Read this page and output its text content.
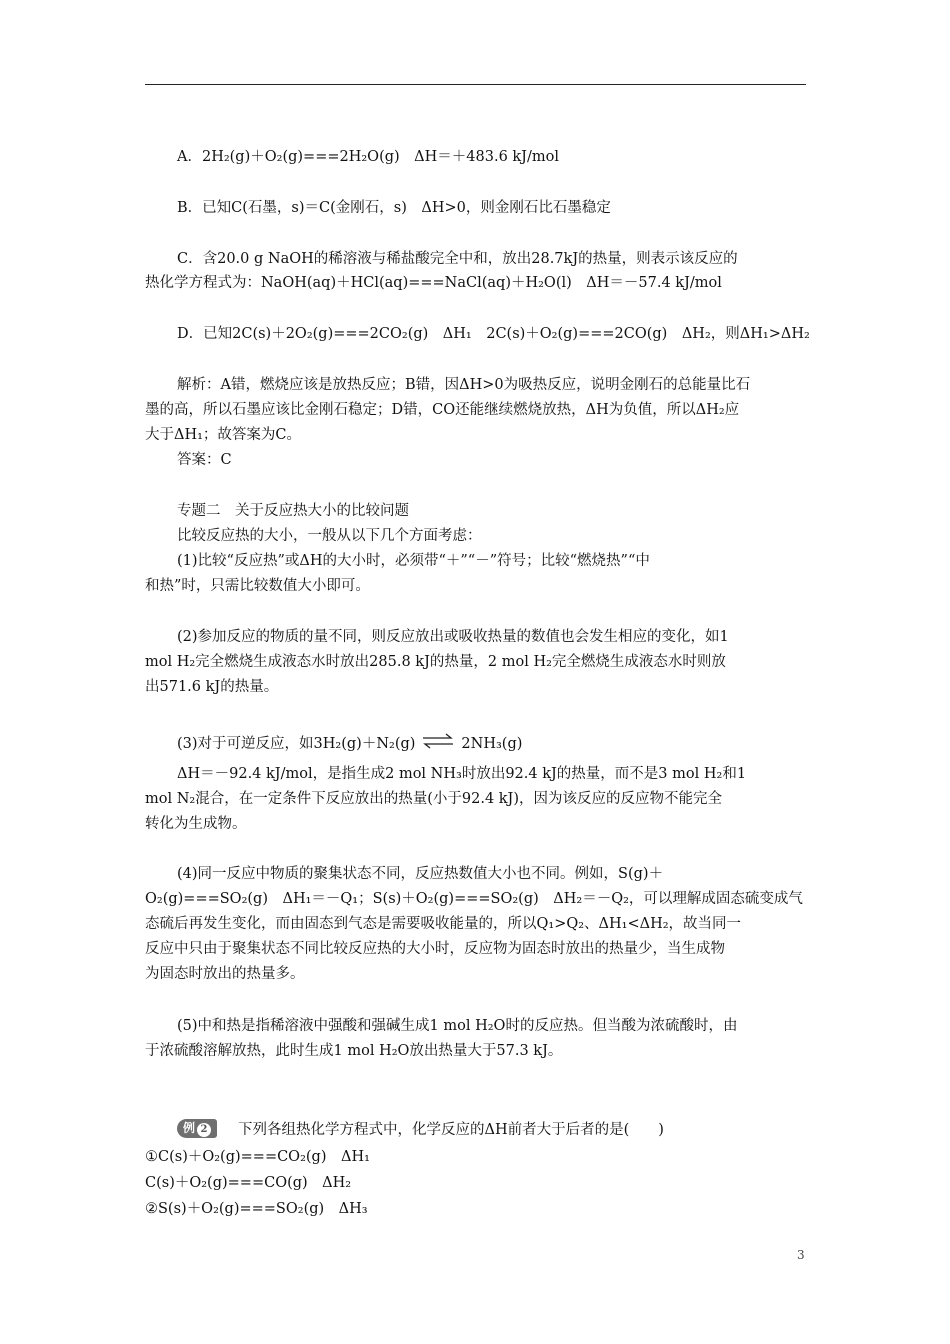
A．2H₂(g)＋O₂(g)===2H₂O(g)　ΔH＝＋483.6 kJ/mol
B．已知C(石墨，s)＝C(金刚石，s)　ΔH>0，则金刚石比石墨稳定
C．含20.0 g NaOH的稀溶液与稀盐酸完全中和，放出28.7kJ的热量，则表示该反应的
热化学方程式为：NaOH(aq)＋HCl(aq)===NaCl(aq)＋H₂O(l)　ΔH＝－57.4 kJ/mol
D．已知2C(s)＋2O₂(g)===2CO₂(g)　ΔH₁　2C(s)＋O₂(g)===2CO(g)　ΔH₂，则ΔH₁>ΔH₂
解析：A错，燃烧应该是放热反应；B错，因ΔH>0为吸热反应，说明金刚石的总能量比石
墨的高，所以石墨应该比金刚石稳定；D错，CO还能继续燃烧放热，ΔH为负值，所以ΔH₂应
大于ΔH₁；故答案为C。
答案：C
专题二　关于反应热大小的比较问题
比较反应热的大小，一般从以下几个方面考虑：
(1)比较“反应热”或ΔH的大小时，必须带“＋”“－”符号；比较“燃烧热”“中
和热”时，只需比较数值大小即可。
(2)参加反应的物质的量不同，则反应放出或吸收热量的数值也会发生相应的变化，如1
mol H₂完全燃烧生成液态水时放出285.8 kJ的热量，2 mol H₂完全燃烧生成液态水时则放
出571.6 kJ的热量。
(3)对于可逆反应，如3H₂(g)＋N₂(g) ⇌ 2NH₃(g)
ΔH＝－92.4 kJ/mol，是指生成2 mol NH₃时放出92.4 kJ的热量，而不是3 mol H₂和1
mol N₂混合，在一定条件下反应放出的热量(小于92.4 kJ)，因为该反应的反应物不能完全
转化为生成物。
(4)同一反应中物质的聚集状态不同，反应热数值大小也不同。例如，S(g)＋
O₂(g)===SO₂(g)　ΔH₁＝－Q₁；S(s)＋O₂(g)===SO₂(g)　ΔH₂＝－Q₂，可以理解成固态硫变成气
态硫后再发生变化，而由固态到气态是需要吸收能量的，所以Q₁>Q₂、ΔH₁<ΔH₂，故当同一
反应中只由于聚集状态不同比较反应热的大小时，反应物为固态时放出的热量少，当生成物
为固态时放出的热量多。
(5)中和热是指稀溶液中强酸和强碱生成1 mol H₂O时的反应热。但当酸为浓硫酸时，由
于浓硫酸溶解放热，此时生成1 mol H₂O放出热量大于57.3 kJ。
例 2	下列各组热化学方程式中，化学反应的ΔH前者大于后者的是(　　)
①C(s)＋O₂(g)===CO₂(g)　ΔH₁
C(s)＋O₂(g)===CO(g)　ΔH₂
②S(s)＋O₂(g)===SO₂(g)　ΔH₃
3
